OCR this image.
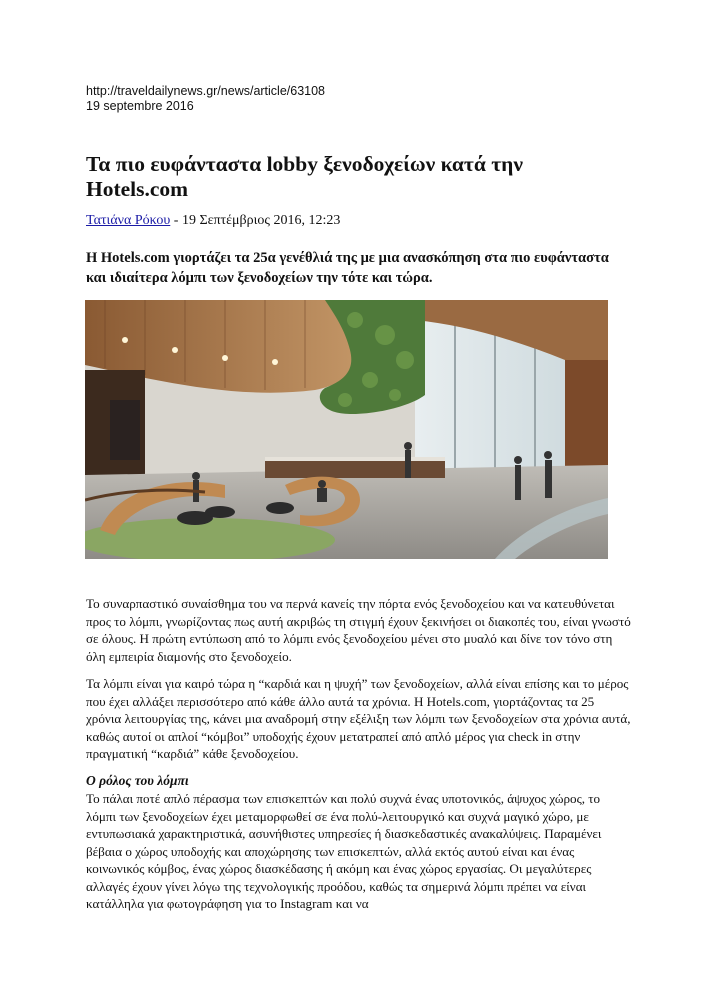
http://traveldailynews.gr/news/article/63108
19 septembre 2016
Τα πιο ευφάνταστα lobby ξενοδοχείων κατά την Hotels.com
Τατιάνα Ρόκου - 19 Σεπτέμβριος 2016, 12:23

Η Hotels.com γιορτάζει τα 25α γενέθλιά της με μια ανασκόπηση στα πιο ευφάνταστα και ιδιαίτερα λόμπι των ξενοδοχείων την τότε και τώρα.

Το συναρπαστικό συναίσθημα του να περνά κανείς την πόρτα ενός ξενοδοχείου και να κατευθύνεται προς το λόμπι, γνωρίζοντας πως αυτή ακριβώς τη στιγμή έχουν ξεκινήσει οι διακοπές του, είναι γνωστό σε όλους. Η πρώτη εντύπωση από το λόμπι ενός ξενοδοχείου μένει στο μυαλό και δίνε τον τόνο στη όλη εμπειρία διαμονής στο ξενοδοχείο.

Τα λόμπι είναι για καιρό τώρα η “καρδιά και η ψυχή” των ξενοδοχείων, αλλά είναι επίσης και το μέρος που έχει αλλάξει περισσότερο από κάθε άλλο αυτά τα χρόνια. Η Hotels.com, γιορτάζοντας τα 25 χρόνια λειτουργίας της, κάνει μια αναδρομή στην εξέλιξη των λόμπι των ξενοδοχείων στα χρόνια αυτά, καθώς αυτοί οι απλοί “κόμβοι” υποδοχής έχουν μετατραπεί από απλό μέρος για check in στην πραγματική “καρδιά” κάθε ξενοδοχείου.

Ο ρόλος του λόμπι

Το πάλαι ποτέ απλό πέρασμα των επισκεπτών και πολύ συχνά ένας υποτονικός, άψυχος χώρος, το λόμπι των ξενοδοχείων έχει μεταμορφωθεί σε ένα πολύ-λειτουργικό και συχνά μαγικό χώρο, με εντυπωσιακά χαρακτηριστικά, ασυνήθιστες υπηρεσίες ή διασκεδαστικές ανακαλύψεις. Παραμένει βέβαια ο χώρος υποδοχής και αποχώρησης των επισκεπτών, αλλά εκτός αυτού είναι και ένας κοινωνικός κόμβος, ένας χώρος διασκέδασης ή ακόμη και ένας χώρος εργασίας. Οι μεγαλύτερες αλλαγές έχουν γίνει λόγω της τεχνολογικής προόδου, καθώς τα σημερινά λόμπι πρέπει να είναι κατάλληλα για φωτογράφηση για το Instagram και να
